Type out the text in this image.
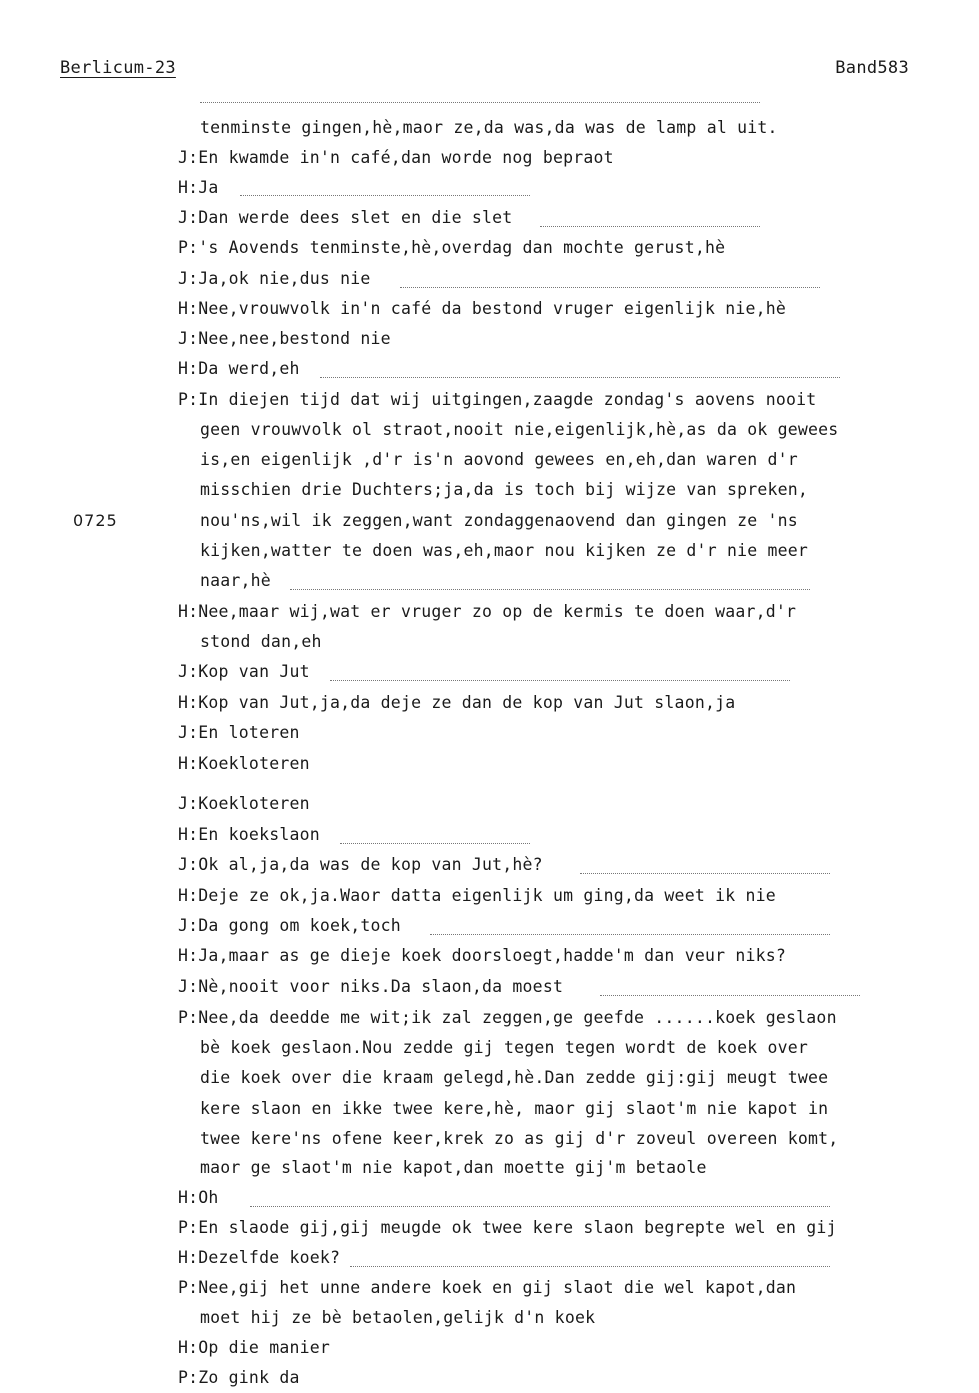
Berlicum-23	Band583
0725
tenminste gingen,hè,maor ze,da was,da was de lamp al uit.
J:En kwamde in'n café,dan worde nog bepraot
H:Ja
J:Dan werde dees slet en die slet
P:'s Aovends tenminste,hè,overdag dan mochte gerust,hè
J:Ja,ok nie,dus nie
H:Nee,vrouwvolk in'n café da bestond vruger eigenlijk nie,hè
J:Nee,nee,bestond nie
H:Da werd,eh
P:In diejen tijd dat wij uitgingen,zaagde zondag's aovens nooit
geen vrouwvolk ol straot,nooit nie,eigenlijk,hè,as da ok gewees
is,en eigenlijk ,d'r is'n aovond gewees en,eh,dan waren d'r
misschien drie Duchters;ja,da is toch bij wijze van spreken,
nou'ns,wil ik zeggen,want zondaggenaovend dan gingen ze 'ns
kijken,watter te doen was,eh,maor nou kijken ze d'r nie meer
naar,hè
H:Nee,maar wij,wat er vruger zo op de kermis te doen waar,d'r
stond dan,eh
J:Kop van Jut
H:Kop van Jut,ja,da deje ze dan de kop van Jut slaon,ja
J:En loteren
H:Koekloteren
J:Koekloteren
H:En koekslaon
J:Ok al,ja,da was de kop van Jut,hè?
H:Deje ze ok,ja.Waor datta eigenlijk um ging,da weet ik nie
J:Da gong om koek,toch
H:Ja,maar as ge dieje koek doorsloegt,hadde'm dan veur niks?
J:Nè,nooit voor niks.Da slaon,da moest
P:Nee,da deedde me wit;ik zal zeggen,ge geefde ......koek geslaon
bè koek geslaon.Nou zedde gij tegen tegen wordt de koek over
die koek over die kraam gelegd,hè.Dan zedde gij:gij meugt twee
kere slaon en ikke twee kere,hè, maor gij slaot'm nie kapot in
twee kere'ns ofene keer,krek zo as gij d'r zoveul overeen komt,
maor ge slaot'm nie kapot,dan moette gij'm betaole
H:Oh
P:En slaode gij,gij meugde ok twee kere slaon begrepte wel en gij
H:Dezelfde koek?
P:Nee,gij het unne andere koek en gij slaot die wel kapot,dan
moet hij ze bè betaolen,gelijk d'n koek
H:Op die manier
P:Zo gink da
